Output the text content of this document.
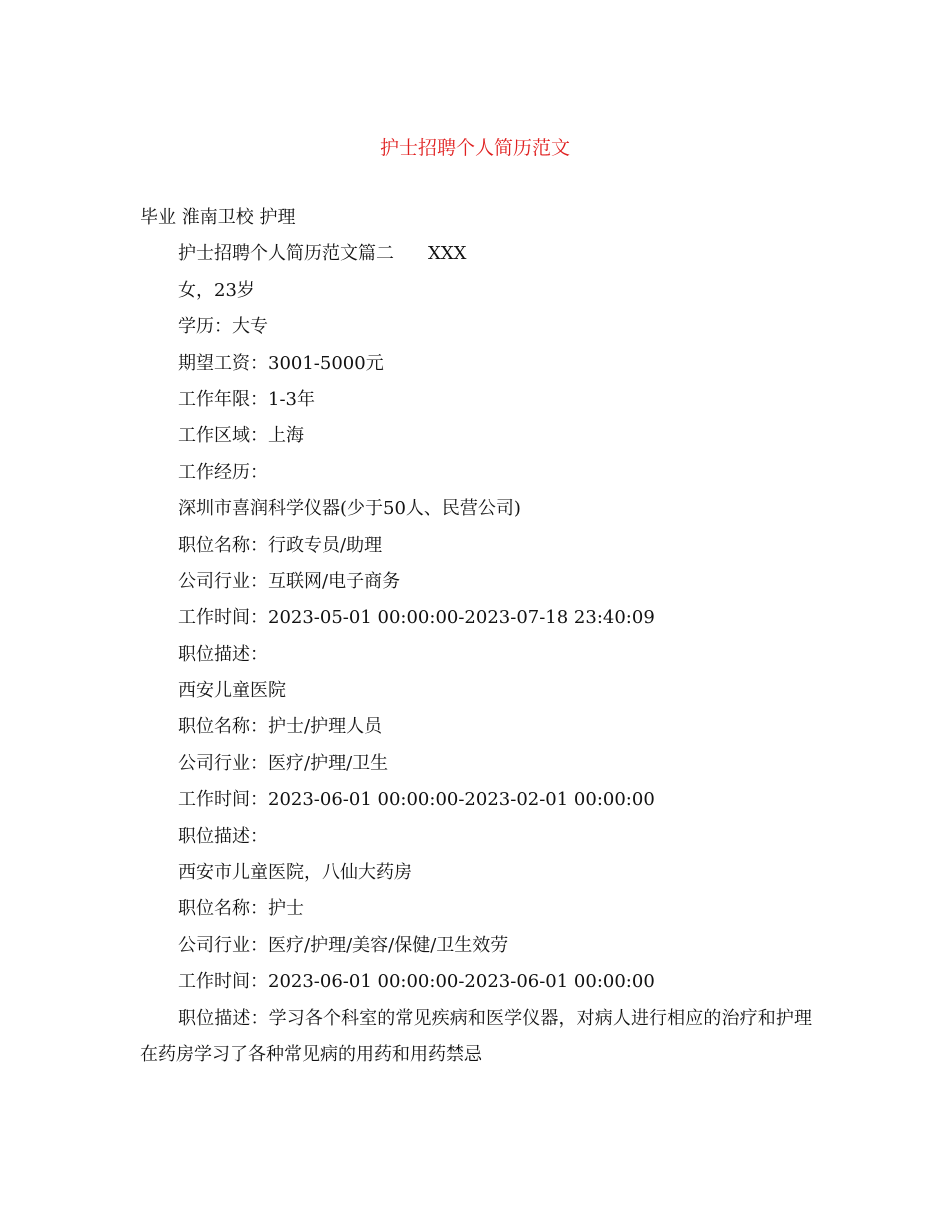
护士招聘个人简历范文
毕业 淮南卫校 护理
护士招聘个人简历范文篇二 XXX
女，23岁
学历：大专
期望工资：3001-5000元
工作年限：1-3年
工作区域：上海
工作经历：
深圳市喜润科学仪器(少于50人、民营公司)
职位名称：行政专员/助理
公司行业：互联网/电子商务
工作时间：2023-05-01 00:00:00-2023-07-18 23:40:09
职位描述：
西安儿童医院
职位名称：护士/护理人员
公司行业：医疗/护理/卫生
工作时间：2023-06-01 00:00:00-2023-02-01 00:00:00
职位描述：
西安市儿童医院，八仙大药房
职位名称：护士
公司行业：医疗/护理/美容/保健/卫生效劳
工作时间：2023-06-01 00:00:00-2023-06-01 00:00:00

职位描述：学习各个科室的常见疾病和医学仪器，对病人进行相应的治疗和护理在药房学习了各种常见病的用药和用药禁忌
